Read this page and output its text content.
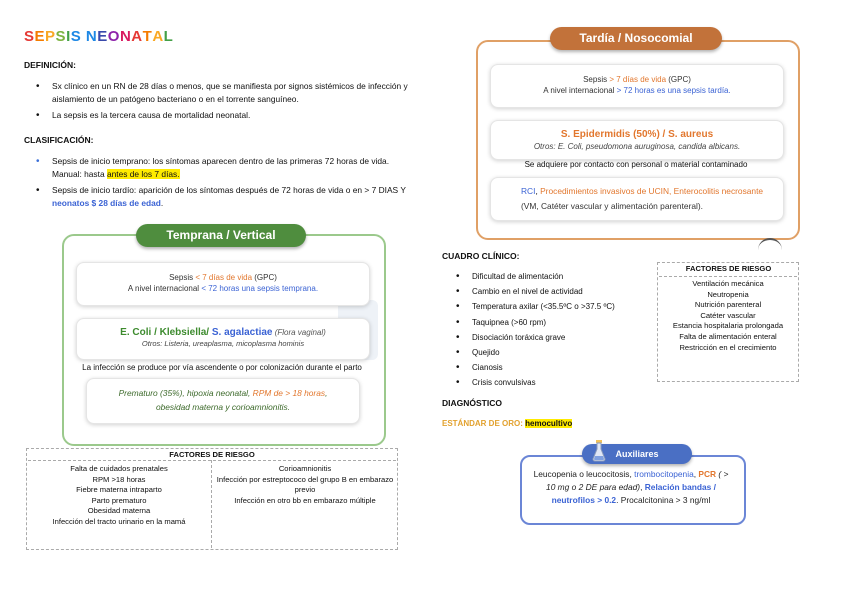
SEPSIS NEONATAL
DEFINICIÓN:
• Sx clínico en un RN de 28 días o menos, que se manifiesta por signos sistémicos de infección y aislamiento de un patógeno bacteriano o en el torrente sanguíneo.
• La sepsis es la tercera causa de mortalidad neonatal.
CLASIFICACIÓN:
• Sepsis de inicio temprano: los síntomas aparecen dentro de las primeras 72 horas de vida. Manual: hasta antes de los 7 días.
• Sepsis de inicio tardío: aparición de los síntomas después de 72 horas de vida o en > 7 DIAS Y neonatos $ 28 días de edad.
Temprana / Vertical
Sepsis < 7 días de vida (GPC)
A nivel internacional < 72 horas una sepsis temprana.
E. Coli / Klebsiella/ S. agalactiae (Flora vaginal)
Otros: Listeria, ureaplasma, micoplasma hominis
La infección se produce por vía ascendente o por colonización durante el parto
Prematuro (35%), hipoxia neonatal, RPM de > 18 horas,
obesidad materna y corioamnionitis.
FACTORES DE RIESGO
Falta de cuidados prenatales
RPM >18 horas
Fiebre materna intraparto
Parto prematuro
Obesidad materna
Infección del tracto urinario en la mamá
Corioamnionitis
Infección por estreptococo del grupo B en embarazo previo
Infección en otro bb en embarazo múltiple
Tardía / Nosocomial
Sepsis > 7 días de vida (GPC)
A nivel internacional > 72 horas es una sepsis tardía.
S. Epidermidis (50%) / S. aureus
Otros: E. Coli, pseudomona auruginosa, candida albicans.
Se adquiere por contacto con personal o material contaminado
RCI, Procedimientos invasivos de UCIN, Enterocolitis necrosante (VM, Catéter vascular y alimentación parenteral).
CUADRO CLÍNICO:
• Dificultad de alimentación
• Cambio en el nivel de actividad
• Temperatura axilar (<35.5ºC o >37.5 ºC)
• Taquipnea (>60 rpm)
• Disociación toráxica grave
• Quejido
• Cianosis
• Crisis convulsivas
FACTORES DE RIESGO
Ventilación mecánica
Neutropenia
Nutrición parenteral
Catéter vascular
Estancia hospitalaria prolongada
Falta de alimentación enteral
Restricción en el crecimiento
DIAGNÓSTICO
ESTÁNDAR DE ORO: hemocultivo
Auxiliares
Leucopenia o leucocitosis, trombocitopenia, PCR ( > 10 mg o 2 DE para edad), Relación bandas / neutrofilos > 0.2. Procalcitonina > 3 ng/ml
